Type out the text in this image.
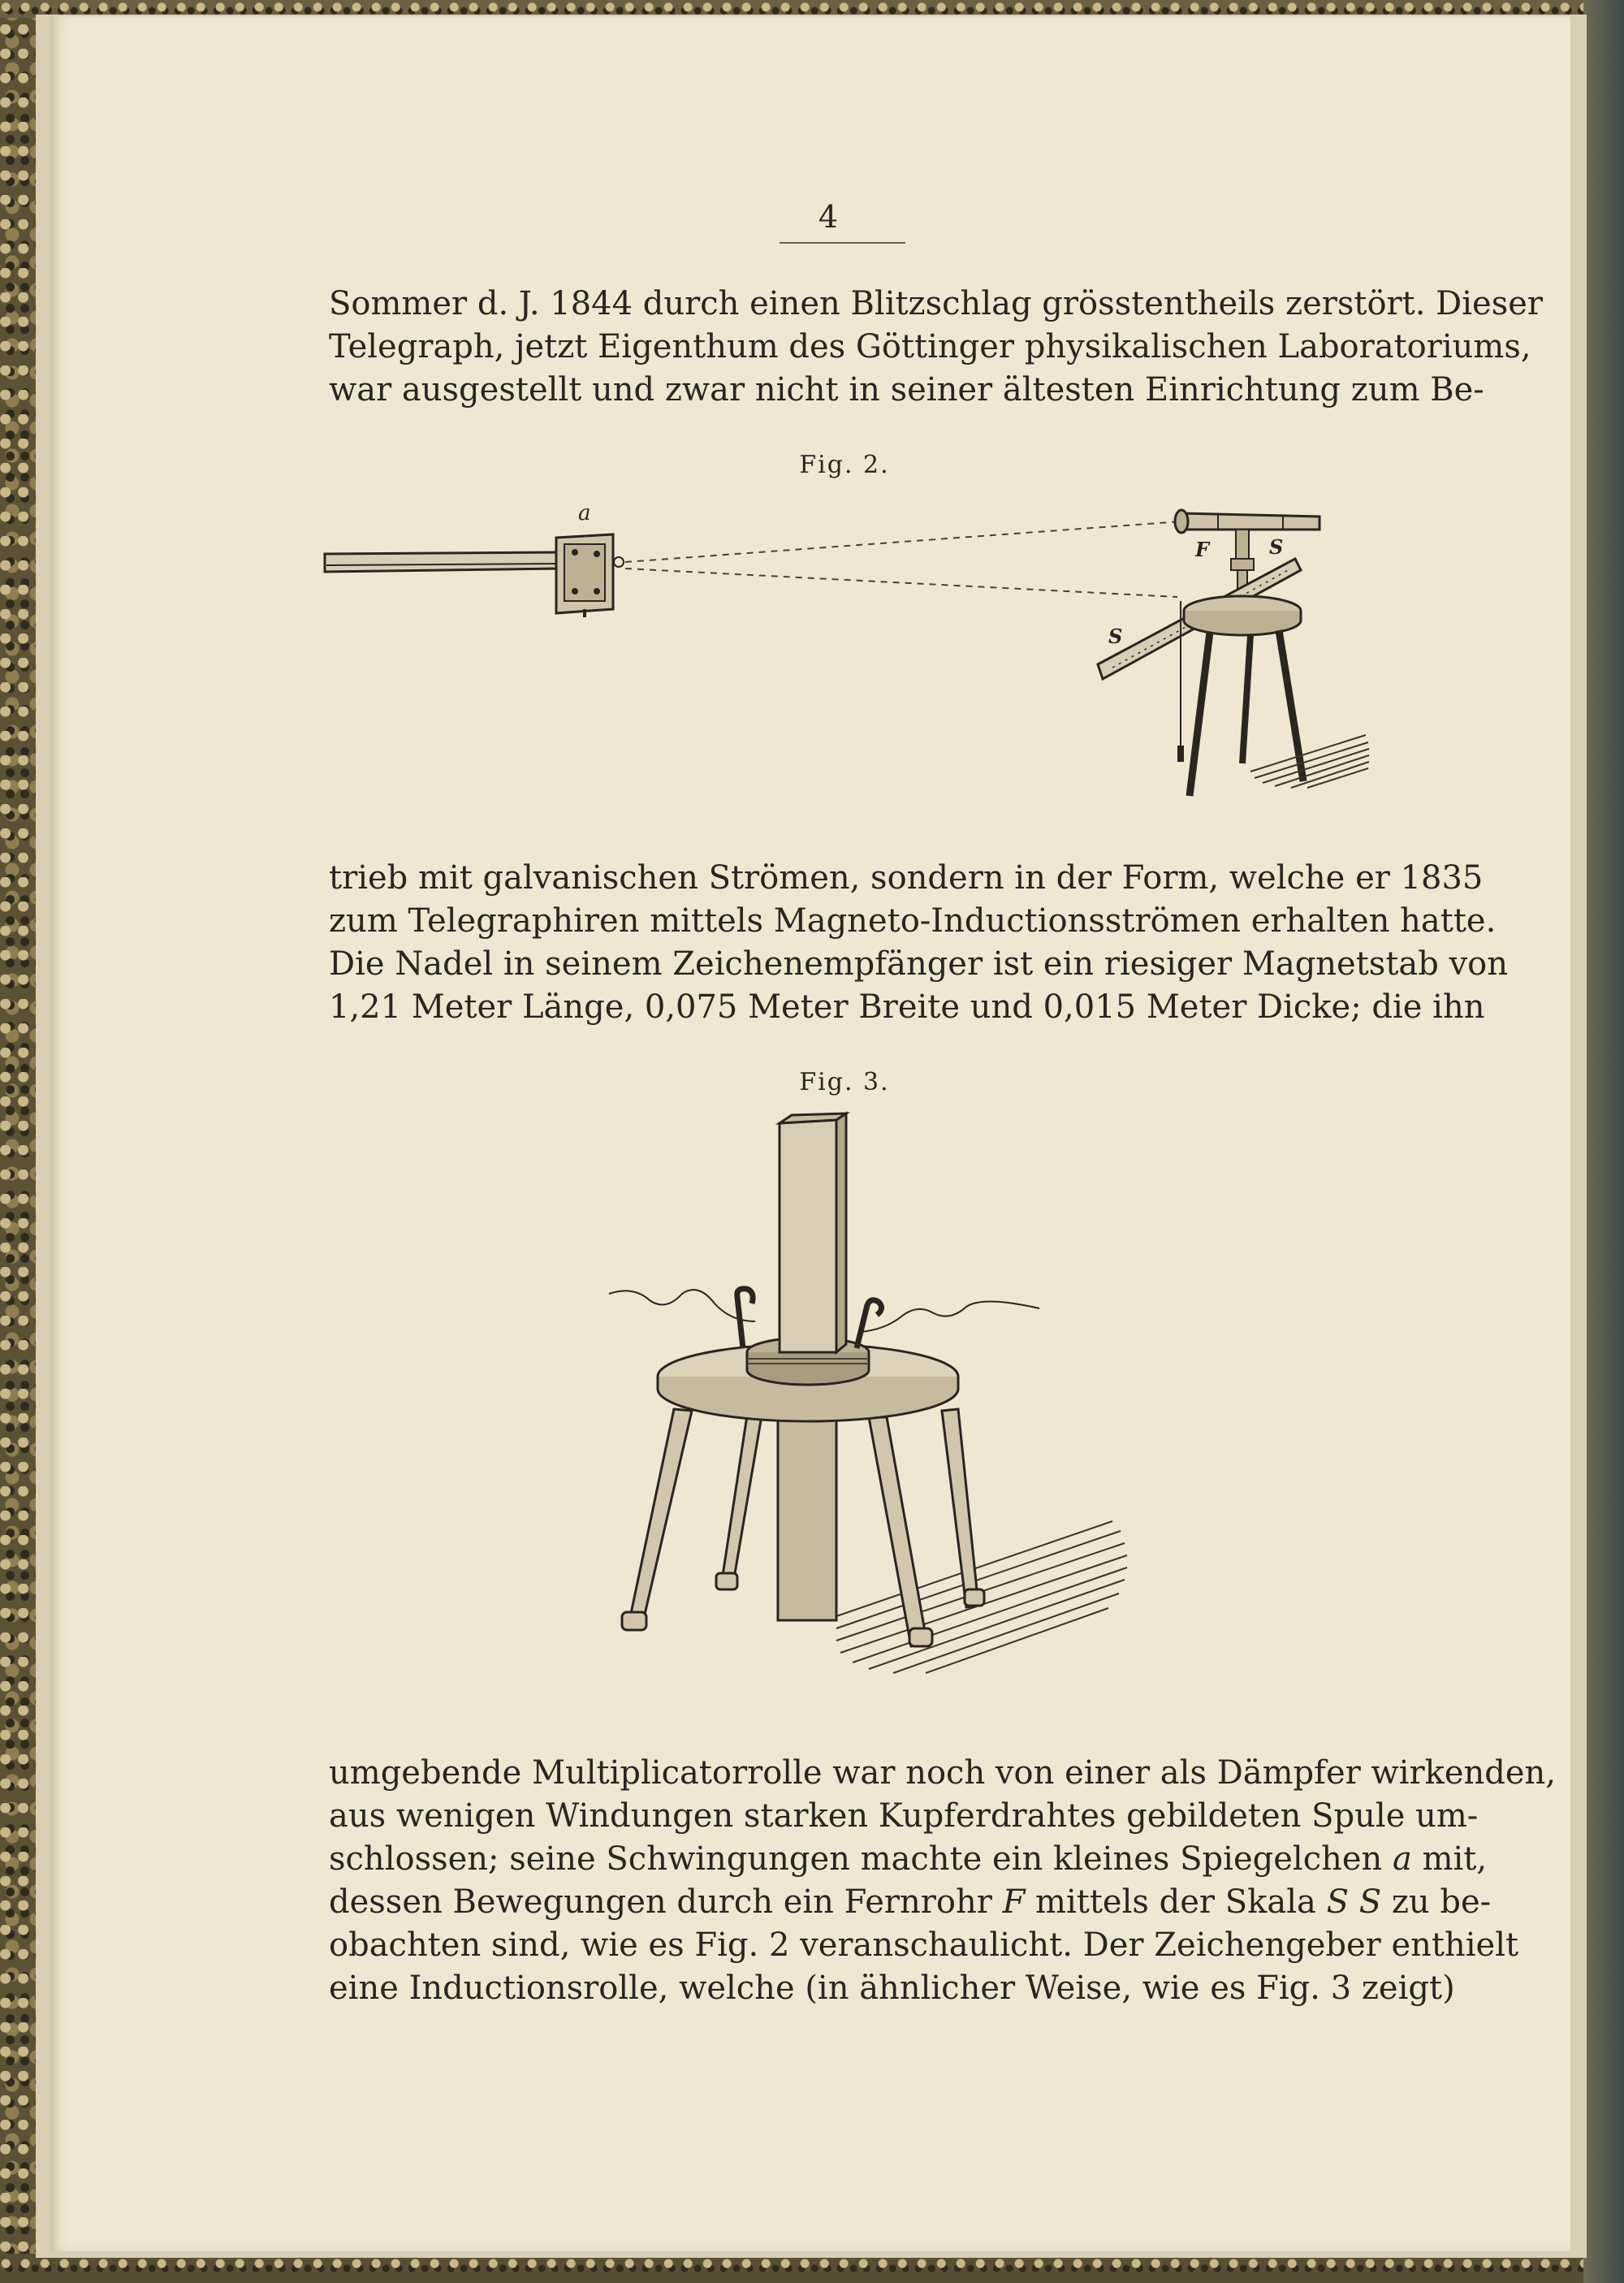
4
Sommer d. J. 1844 durch einen Blitzschlag grösstentheils zerstört. Dieser
Telegraph, jetzt Eigenthum des Göttinger physikalischen Laboratoriums,
war ausgestellt und zwar nicht in seiner ältesten Einrichtung zum Be-
Fig. 2.
a
F	S
S
trieb mit galvanischen Strömen, sondern in der Form, welche er 1835
zum Telegraphiren mittels Magneto-Inductionsströmen erhalten hatte.
Die Nadel in seinem Zeichenempfänger ist ein riesiger Magnetstab von
1,21 Meter Länge, 0,075 Meter Breite und 0,015 Meter Dicke; die ihn
Fig. 3.
umgebende Multiplicatorrolle war noch von einer als Dämpfer wirkenden,
aus wenigen Windungen starken Kupferdrahtes gebildeten Spule um-
schlossen; seine Schwingungen machte ein kleines Spiegelchen a mit,
dessen Bewegungen durch ein Fernrohr F mittels der Skala S S zu be-
obachten sind, wie es Fig. 2 veranschaulicht. Der Zeichengeber enthielt
eine Inductionsrolle, welche (in ähnlicher Weise, wie es Fig. 3 zeigt)
